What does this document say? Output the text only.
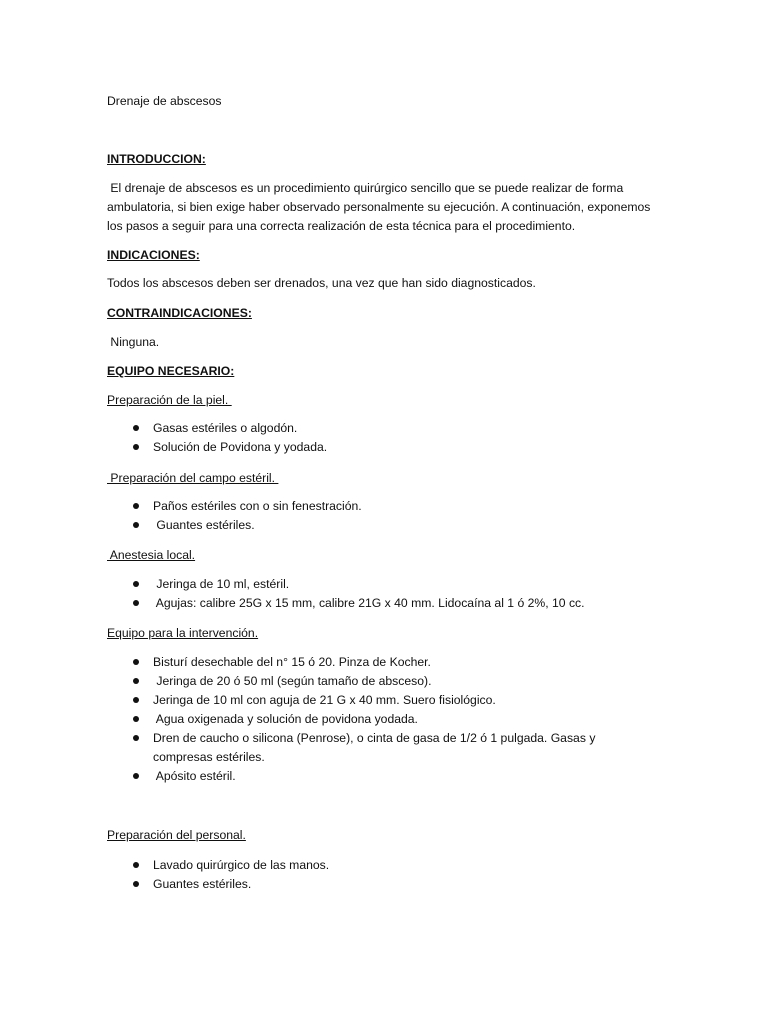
Drenaje de abscesos

INTRODUCCION:

El drenaje de abscesos es un procedimiento quirúrgico sencillo que se puede realizar de forma ambulatoria, si bien exige haber observado personalmente su ejecución. A continuación, exponemos los pasos a seguir para una correcta realización de esta técnica para el procedimiento.

INDICACIONES:

Todos los abscesos deben ser drenados, una vez que han sido diagnosticados.

CONTRAINDICACIONES:

Ninguna.

EQUIPO NECESARIO:

Preparación de la piel.

Gasas estériles o algodón.
Solución de Povidona y yodada.

Preparación del campo estéril.

Paños estériles con o sin fenestración.
Guantes estériles.

Anestesia local.

Jeringa de 10 ml, estéril.
Agujas: calibre 25G x 15 mm, calibre 21G x 40 mm. Lidocaína al 1 ó 2%, 10 cc.

Equipo para la intervención.

Bisturí desechable del n° 15 ó 20. Pinza de Kocher.
Jeringa de 20 ó 50 ml (según tamaño de absceso).
Jeringa de 10 ml con aguja de 21 G x 40 mm. Suero fisiológico.
Agua oxigenada y solución de povidona yodada.
Dren de caucho o silicona (Penrose), o cinta de gasa de 1/2 ó 1 pulgada. Gasas y compresas estériles.
Apósito estéril.

Preparación del personal.

Lavado quirúrgico de las manos.
Guantes estériles.
